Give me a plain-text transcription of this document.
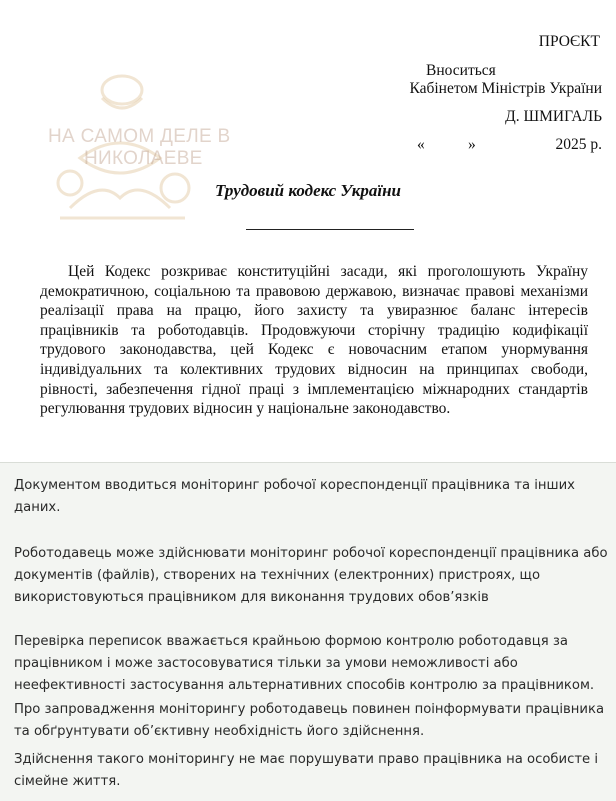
НА САМОМ ДЕЛЕ В
НИКОЛАЕВЕ
ПРОЄКТ
Вноситься
Кабінетом Міністрів України
Д. ШМИГАЛЬ
«	»	2025 р.
Трудовий кодекс України

Цей Кодекс розкриває конституційні засади, які проголошують Україну демократичною, соціальною та правовою державою, визначає правові механізми реалізації права на працю, його захисту та увиразнює баланс інтересів працівників та роботодавців. Продовжуючи сторічну традицію кодифікації трудового законодавства, цей Кодекс є новочасним етапом унормування індивідуальних та колективних трудових відносин на принципах свободи, рівності, забезпечення гідної праці з імплементацією міжнародних стандартів регулювання трудових відносин у національне законодавство.

Документом вводиться моніторинг робочої кореспонденції працівника та інших даних.

Роботодавець може здійснювати моніторинг робочої кореспонденції працівника або документів (файлів), створених на технічних (електронних) пристроях, що використовуються працівником для виконання трудових обов’язків

Перевірка переписок вважається крайньою формою контролю роботодавця за працівником і може застосовуватися тільки за умови неможливості або неефективності застосування альтернативних способів контролю за працівником.

Про запровадження моніторингу роботодавець повинен поінформувати працівника та обґрунтувати об’єктивну необхідність його здійснення.

Здійснення такого моніторингу не має порушувати право працівника на особисте і сімейне життя.
